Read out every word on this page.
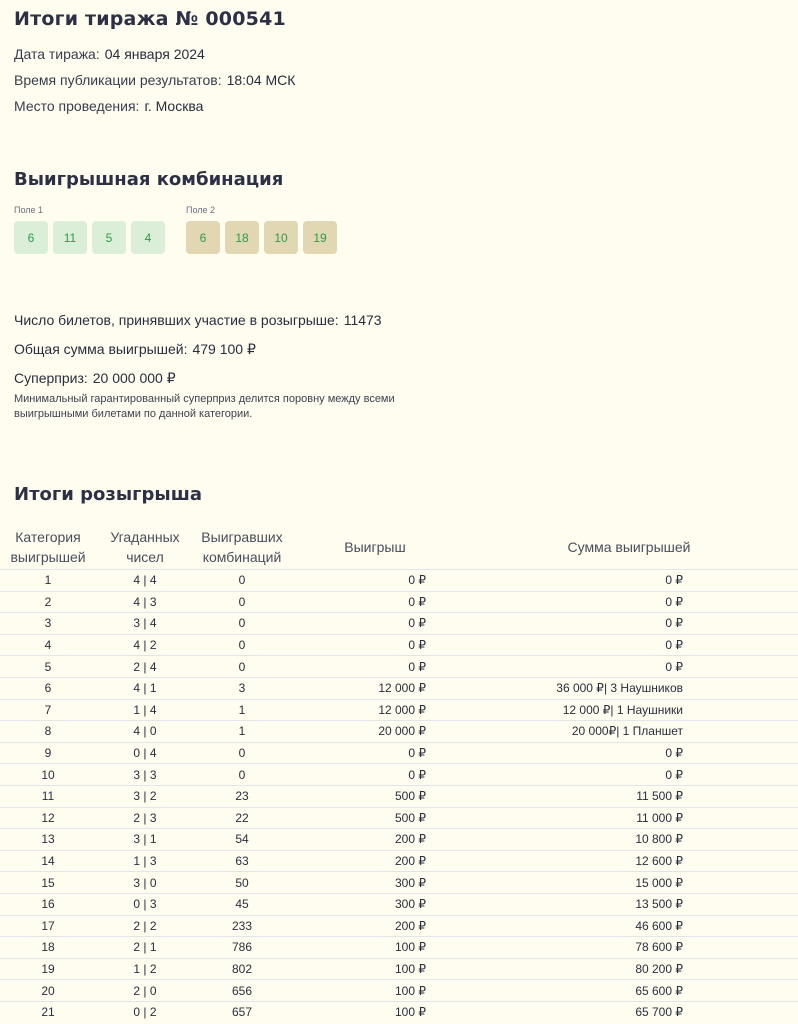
Итоги тиража № 000541
Дата тиража: 04 января 2024
Время публикации результатов: 18:04 МСК
Место проведения: г. Москва
Выигрышная комбинация
Поле 1
6	11	5	4
Поле 2
6	18	10	19
Число билетов, принявших участие в розыгрыше: 11473
Общая сумма выигрышей: 479 100 ₽
Суперприз: 20 000 000 ₽
Минимальный гарантированный суперприз делится поровну между всеми выигрышными билетами по данной категории.
Итоги розыгрыша
Категория выигрышей	Угаданных чисел	Выигравших комбинаций	Выигрыш	Сумма выигрышей
1	4 | 4	0	0 ₽	0 ₽
2	4 | 3	0	0 ₽	0 ₽
3	3 | 4	0	0 ₽	0 ₽
4	4 | 2	0	0 ₽	0 ₽
5	2 | 4	0	0 ₽	0 ₽
6	4 | 1	3	12 000 ₽	36 000 ₽| 3 Наушников
7	1 | 4	1	12 000 ₽	12 000 ₽| 1 Наушники
8	4 | 0	1	20 000 ₽	20 000₽| 1 Планшет
9	0 | 4	0	0 ₽	0 ₽
10	3 | 3	0	0 ₽	0 ₽
11	3 | 2	23	500 ₽	11 500 ₽
12	2 | 3	22	500 ₽	11 000 ₽
13	3 | 1	54	200 ₽	10 800 ₽
14	1 | 3	63	200 ₽	12 600 ₽
15	3 | 0	50	300 ₽	15 000 ₽
16	0 | 3	45	300 ₽	13 500 ₽
17	2 | 2	233	200 ₽	46 600 ₽
18	2 | 1	786	100 ₽	78 600 ₽
19	1 | 2	802	100 ₽	80 200 ₽
20	2 | 0	656	100 ₽	65 600 ₽
21	0 | 2	657	100 ₽	65 700 ₽
